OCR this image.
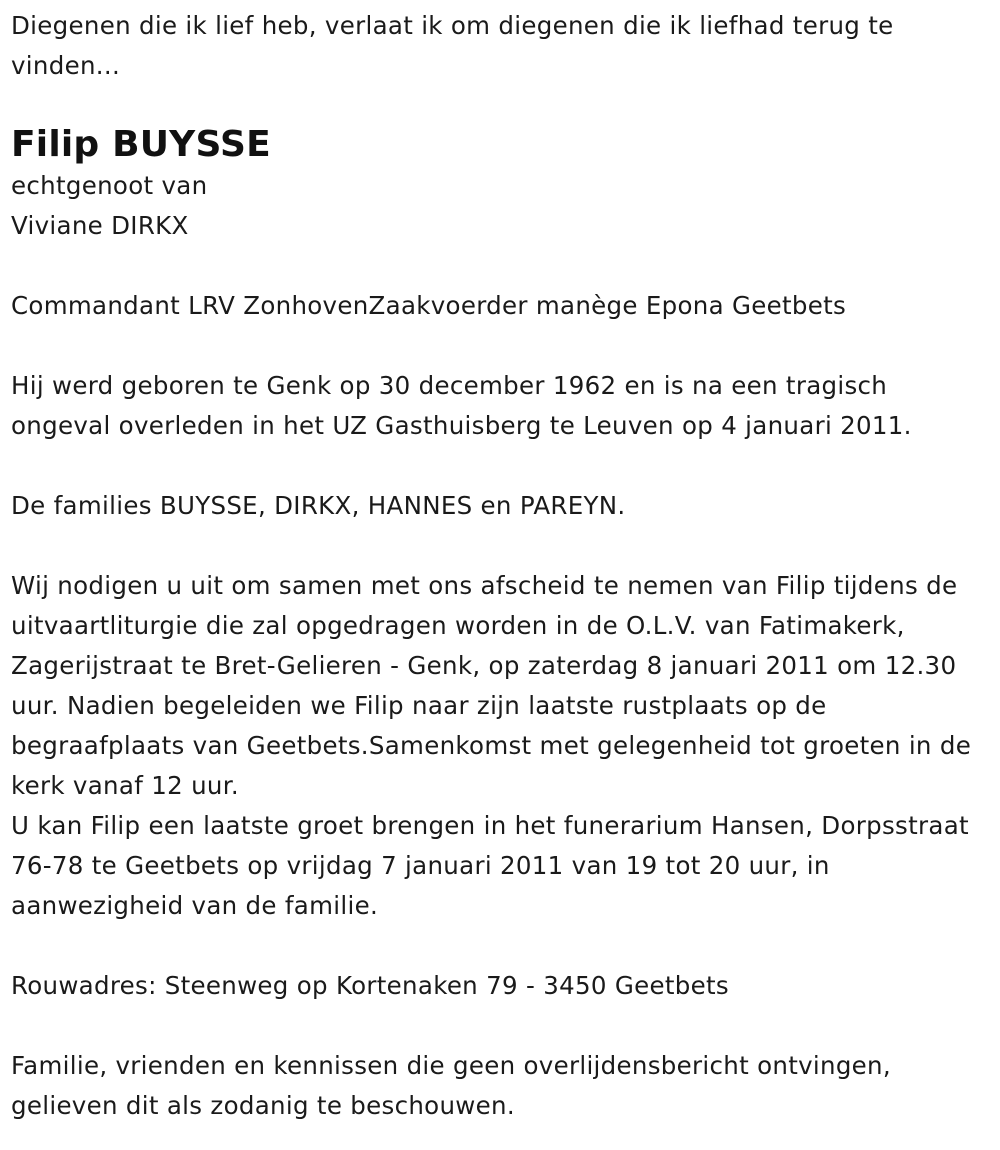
Diegenen die ik lief heb, verlaat ik om diegenen die ik liefhad terug te vinden...

Filip BUYSSE

echtgenoot van

Viviane DIRKX

Commandant LRV ZonhovenZaakvoerder manège Epona Geetbets

Hij werd geboren te Genk op 30 december 1962 en is na een tragisch ongeval overleden in het UZ Gasthuisberg te Leuven op 4 januari 2011.

De families BUYSSE, DIRKX, HANNES en PAREYN.

Wij nodigen u uit om samen met ons afscheid te nemen van Filip tijdens de uitvaartliturgie die zal opgedragen worden in de O.L.V. van Fatimakerk, Zagerijstraat te Bret-Gelieren - Genk, op zaterdag 8 januari 2011 om 12.30 uur. Nadien begeleiden we Filip naar zijn laatste rustplaats op de begraafplaats van Geetbets.Samenkomst met gelegenheid tot groeten in de kerk vanaf 12 uur.

U kan Filip een laatste groet brengen in het funerarium Hansen, Dorpsstraat 76-78 te Geetbets op vrijdag 7 januari 2011 van 19 tot 20 uur, in aanwezigheid van de familie.

Rouwadres: Steenweg op Kortenaken 79 - 3450 Geetbets

Familie, vrienden en kennissen die geen overlijdensbericht ontvingen, gelieven dit als zodanig te beschouwen.
